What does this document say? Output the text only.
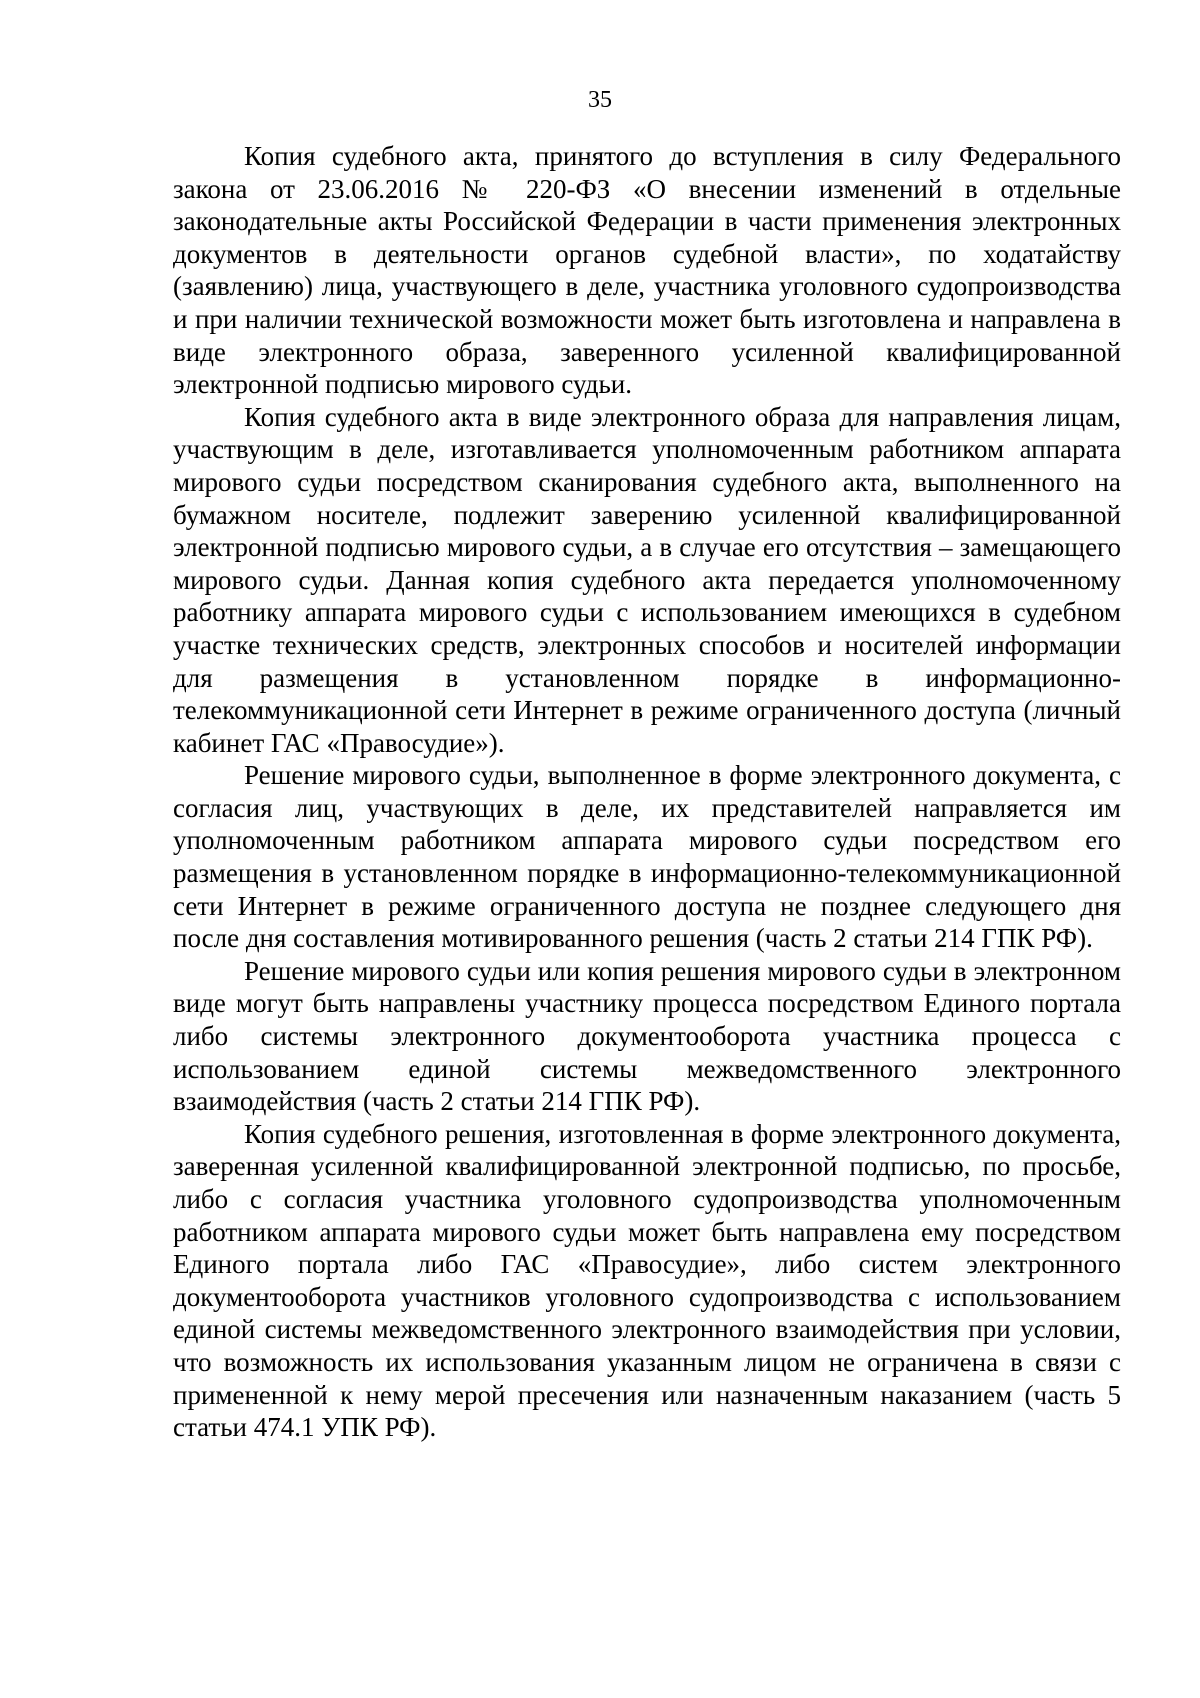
35

Копия судебного акта, принятого до вступления в силу Федерального закона от 23.06.2016 № 220-ФЗ «О внесении изменений в отдельные законодательные акты Российской Федерации в части применения электронных документов в деятельности органов судебной власти», по ходатайству (заявлению) лица, участвующего в деле, участника уголовного судопроизводства и при наличии технической возможности может быть изготовлена и направлена в виде электронного образа, заверенного усиленной квалифицированной электронной подписью мирового судьи.

Копия судебного акта в виде электронного образа для направления лицам, участвующим в деле, изготавливается уполномоченным работником аппарата мирового судьи посредством сканирования судебного акта, выполненного на бумажном носителе, подлежит заверению усиленной квалифицированной электронной подписью мирового судьи, а в случае его отсутствия – замещающего мирового судьи. Данная копия судебного акта передается уполномоченному работнику аппарата мирового судьи с использованием имеющихся в судебном участке технических средств, электронных способов и носителей информации для размещения в установленном порядке в информационно-телекоммуникационной сети Интернет в режиме ограниченного доступа (личный кабинет ГАС «Правосудие»).

Решение мирового судьи, выполненное в форме электронного документа, с согласия лиц, участвующих в деле, их представителей направляется им уполномоченным работником аппарата мирового судьи посредством его размещения в установленном порядке в информационно-телекоммуникационной сети Интернет в режиме ограниченного доступа не позднее следующего дня после дня составления мотивированного решения (часть 2 статьи 214 ГПК РФ).

Решение мирового судьи или копия решения мирового судьи в электронном виде могут быть направлены участнику процесса посредством Единого портала либо системы электронного документооборота участника процесса с использованием единой системы межведомственного электронного взаимодействия (часть 2 статьи 214 ГПК РФ).

Копия судебного решения, изготовленная в форме электронного документа, заверенная усиленной квалифицированной электронной подписью, по просьбе, либо с согласия участника уголовного судопроизводства уполномоченным работником аппарата мирового судьи может быть направлена ему посредством Единого портала либо ГАС «Правосудие», либо систем электронного документооборота участников уголовного судопроизводства с использованием единой системы межведомственного электронного взаимодействия при условии, что возможность их использования указанным лицом не ограничена в связи с примененной к нему мерой пресечения или назначенным наказанием (часть 5 статьи 474.1 УПК РФ).
